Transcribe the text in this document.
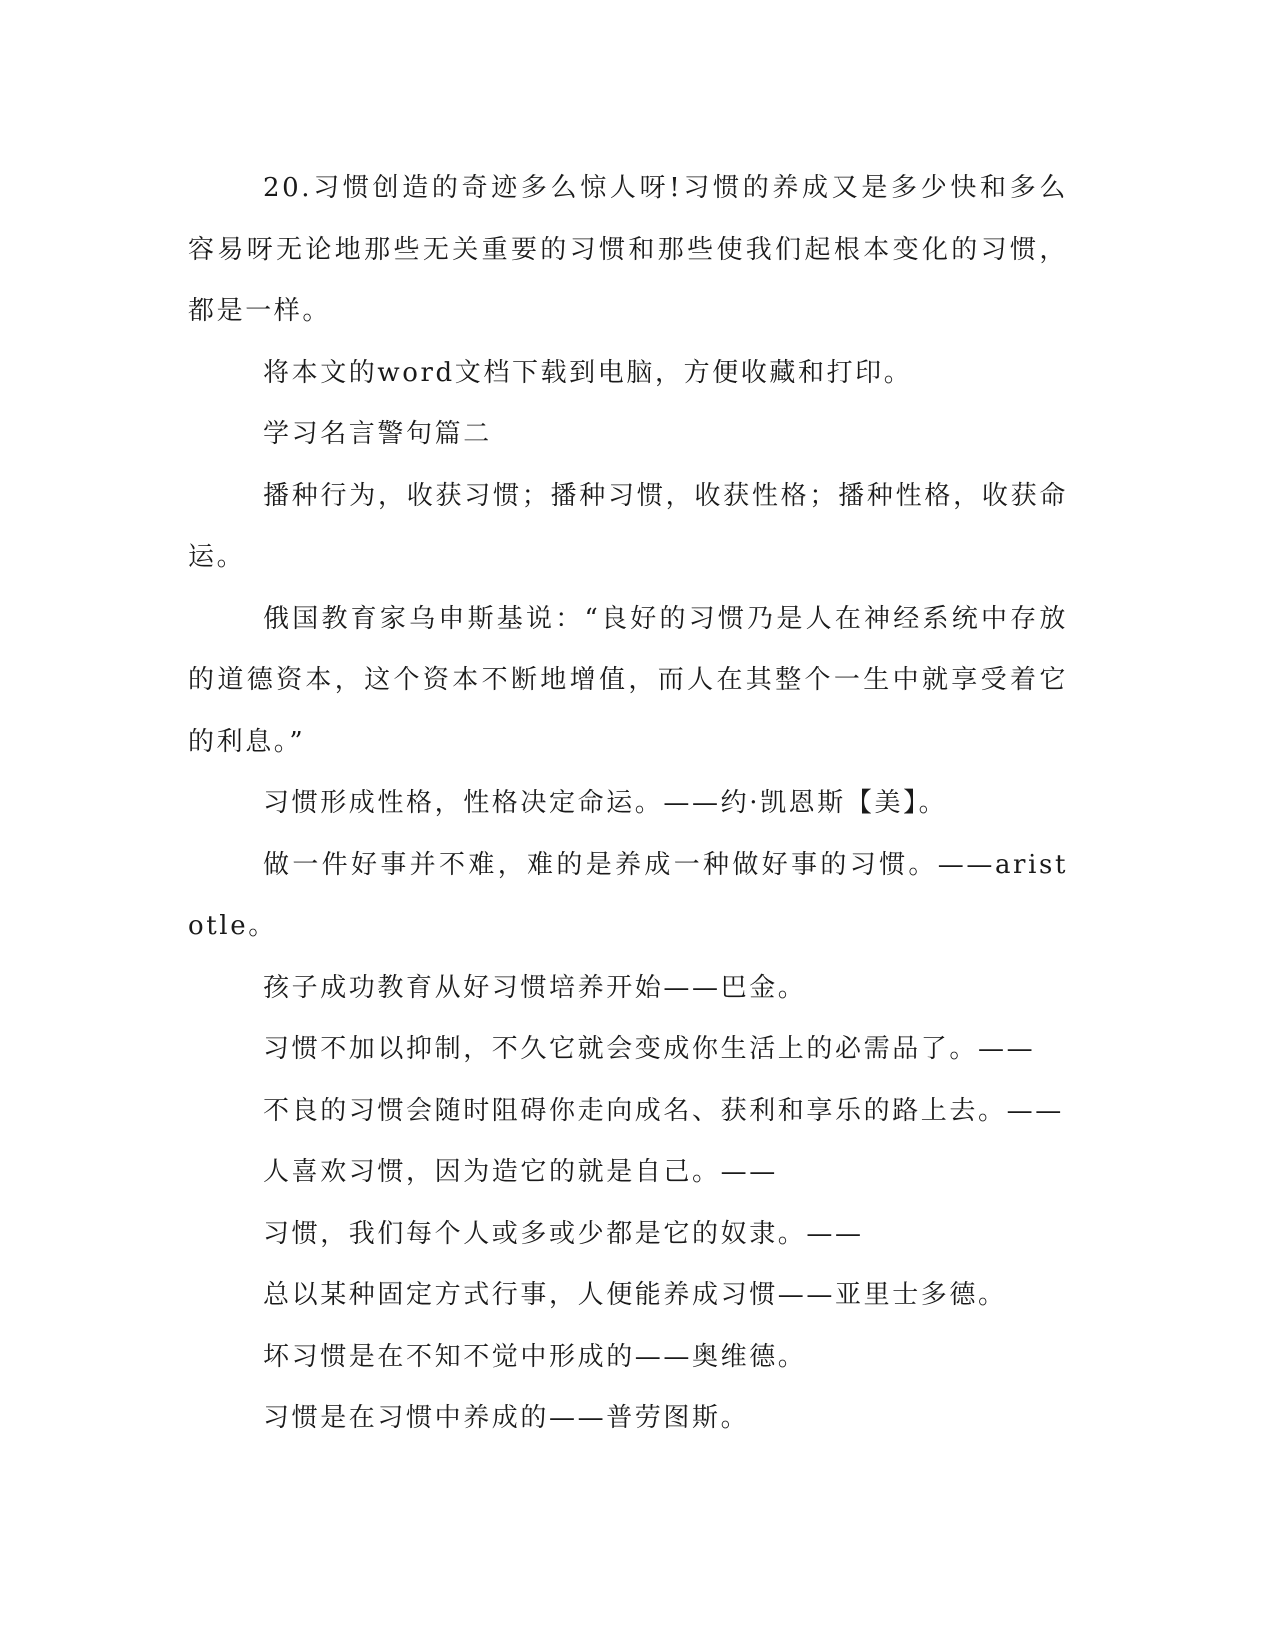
20.习惯创造的奇迹多么惊人呀!习惯的养成又是多少快和多么容易呀无论地那些无关重要的习惯和那些使我们起根本变化的习惯，都是一样。

将本文的word文档下载到电脑，方便收藏和打印。

学习名言警句篇二

播种行为，收获习惯；播种习惯，收获性格；播种性格，收获命运。

俄国教育家乌申斯基说：“良好的习惯乃是人在神经系统中存放的道德资本，这个资本不断地增值，而人在其整个一生中就享受着它的利息。”

习惯形成性格，性格决定命运。——约·凯恩斯【美】。

做一件好事并不难，难的是养成一种做好事的习惯。——aristotle。

孩子成功教育从好习惯培养开始——巴金。

习惯不加以抑制，不久它就会变成你生活上的必需品了。——

不良的习惯会随时阻碍你走向成名、获利和享乐的路上去。——

人喜欢习惯，因为造它的就是自己。——

习惯，我们每个人或多或少都是它的奴隶。——

总以某种固定方式行事，人便能养成习惯——亚里士多德。

坏习惯是在不知不觉中形成的——奥维德。

习惯是在习惯中养成的——普劳图斯。
